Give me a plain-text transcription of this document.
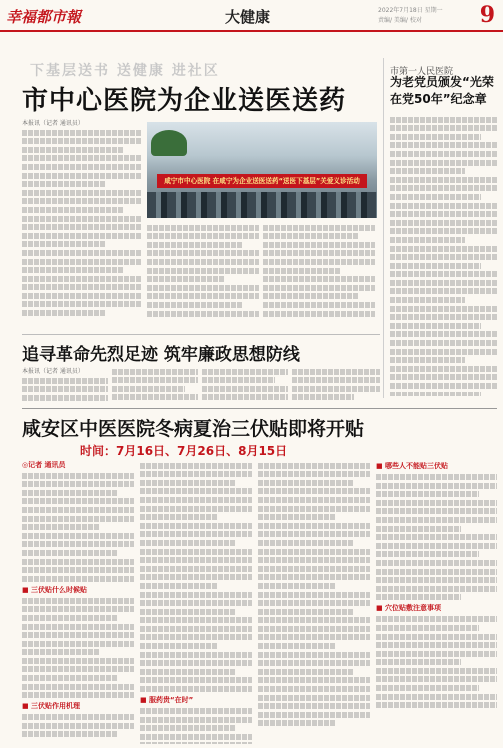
幸福都市報	大健康	2022年7月18日 星期一
责编/ 美编/ 校对	9
下基层送书 送健康 进社区
市中心医院为企业送医送药
本报讯（记者 通讯员）
咸宁市中心医院 在咸宁为企业送医送药“送医下基层”关爱义诊活动
市第一人民医院
为老党员颁发“光荣
在党50年”纪念章
追寻革命先烈足迹 筑牢廉政思想防线
本报讯（记者 通讯员）
咸安区中医医院冬病夏治三伏贴即将开贴
时间：7月16日、7月26日、8月15日
◎记者 通讯员
■ 三伏贴什么时候贴
■ 三伏贴作用机理
■ 服药贵“在时”
■ 哪些人不能贴三伏贴
■ 穴位贴敷注意事项
